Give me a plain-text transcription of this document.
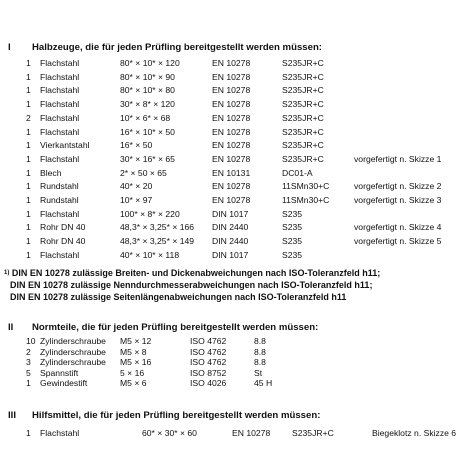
I Halbzeuge, die für jeden Prüfling bereitgestellt werden müssen:
1 Flachstahl	80* × 10* × 120	EN 10278	S235JR+C
1 Flachstahl	80* × 10* × 90	EN 10278	S235JR+C
1 Flachstahl	80* × 10* × 80	EN 10278	S235JR+C
1 Flachstahl	30* × 8* × 120	EN 10278	S235JR+C
2 Flachstahl	10* × 6* × 68	EN 10278	S235JR+C
1 Flachstahl	16* × 10* × 50	EN 10278	S235JR+C
1 Vierkantstahl	16* × 50	EN 10278	S235JR+C
1 Flachstahl	30* × 16* × 65	EN 10278	S235JR+C	vorgefertigt n. Skizze 1
1 Blech	2* × 50 × 65	EN 10131	DC01-A
1 Rundstahl	40* × 20	EN 10278	11SMn30+C	vorgefertigt n. Skizze 2
1 Rundstahl	10* × 97	EN 10278	11SMn30+C	vorgefertigt n. Skizze 3
1 Flachstahl	100* × 8* × 220	DIN 1017	S235
1 Rohr DN 40	48,3* × 3,25* × 166 DIN 2440	S235	vorgefertigt n. Skizze 4
1 Rohr DN 40	48,3* × 3,25* × 149 DIN 2440	S235	vorgefertigt n. Skizze 5
1 Flachstahl	40* × 10* × 118	DIN 1017	S235
$^{1)}$ DIN EN 10278 zulässige Breiten- und Dickenabweichungen nach ISO-Toleranzfeld h11;
DIN EN 10278 zulässige Nenndurchmesserabweichungen nach ISO-Toleranzfeld h11;
DIN EN 10278 zulässige Seitenlängenabweichungen nach ISO-Toleranzfeld h11
II Normteile, die für jeden Prüfling bereitgestellt werden müssen:
10 Zylinderschraube M5 × 12	ISO 4762	8.8
2 Zylinderschraube M5 × 8	ISO 4762	8.8
3 Zylinderschraube M5 × 16	ISO 4762	8.8
5 Spannstift	5 × 16	ISO 8752	St
1 Gewindestift	M5 × 6	ISO 4026	45 H
III Hilfsmittel, die für jeden Prüfling bereitgestellt werden müssen:
1 Flachstahl	60* × 30* × 60	EN 10278	S235JR+C	Biegeklotz n. Skizze 6
